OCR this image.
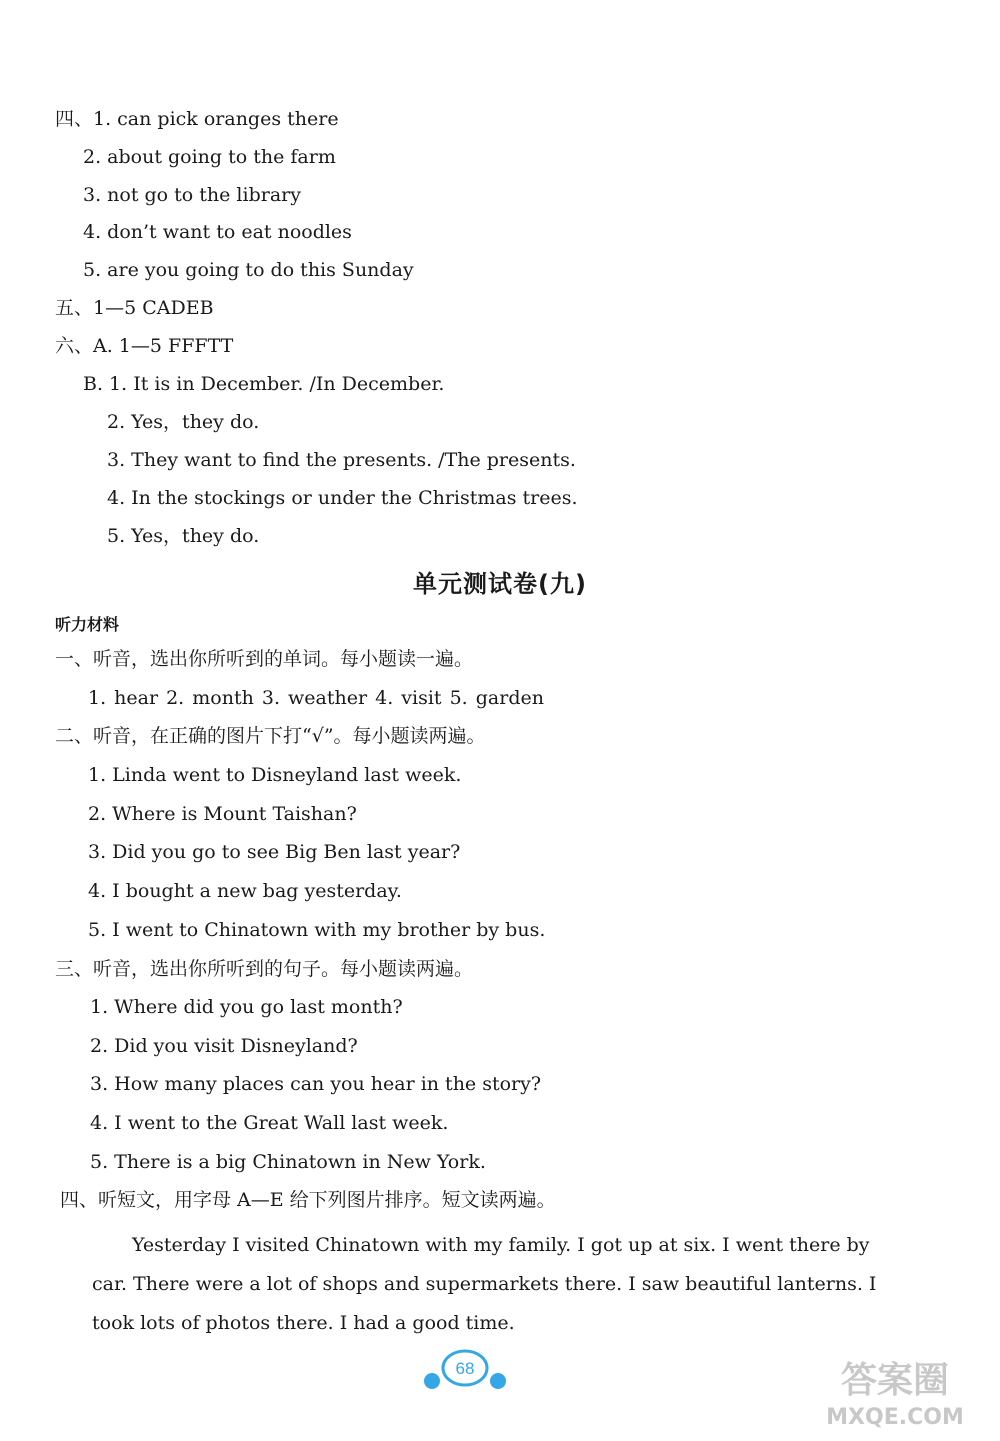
四、1. can pick oranges there
2. about going to the farm
3. not go to the library
4. don’t want to eat noodles
5. are you going to do this Sunday
五、1—5 CADEB
六、A. 1—5 FFFTT
B. 1. It is in December. /In December.
2. Yes，they do.
3. They want to find the presents. /The presents.
4. In the stockings or under the Christmas trees.
5. Yes，they do.
单元测试卷(九)
听力材料
一、听音，选出你所听到的单词。每小题读一遍。
1. hear 2. month 3. weather 4. visit 5. garden
二、听音，在正确的图片下打“√”。每小题读两遍。
1. Linda went to Disneyland last week.
2. Where is Mount Taishan?
3. Did you go to see Big Ben last year?
4. I bought a new bag yesterday.
5. I went to Chinatown with my brother by bus.
三、听音，选出你所听到的句子。每小题读两遍。
1. Where did you go last month?
2. Did you visit Disneyland?
3. How many places can you hear in the story?
4. I went to the Great Wall last week.
5. There is a big Chinatown in New York.
四、听短文，用字母 A—E 给下列图片排序。短文读两遍。
Yesterday I visited Chinatown with my family. I got up at six. I went there by car. There were a lot of shops and supermarkets there. I saw beautiful lanterns. I took lots of photos there. I had a good time.
68	答案圈
MXQE.COM
